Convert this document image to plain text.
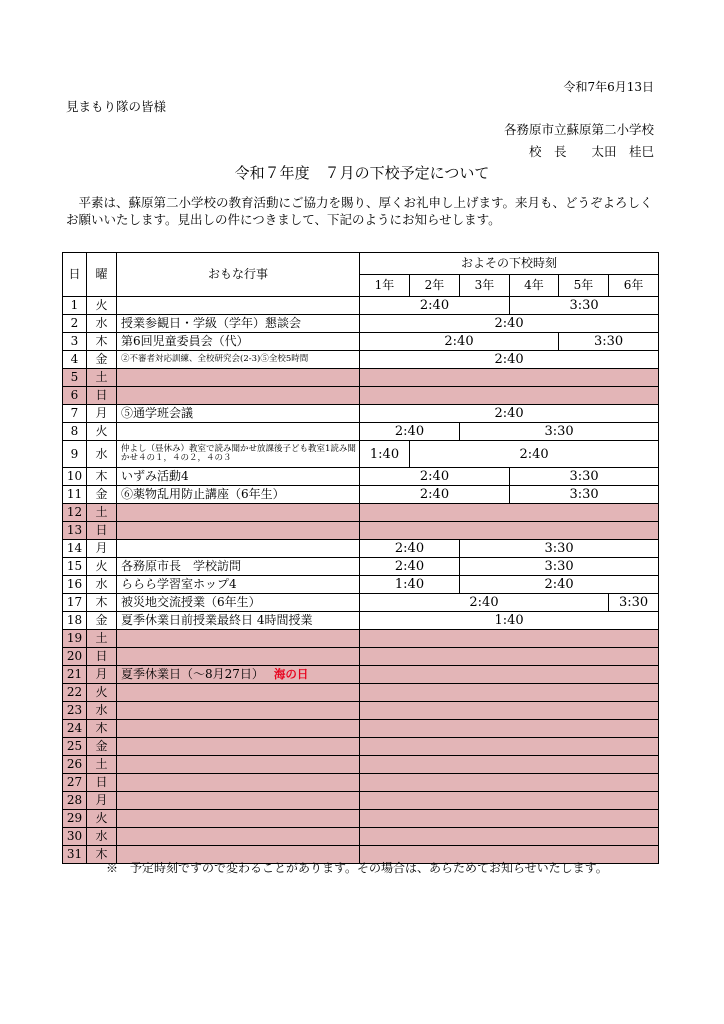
令和7年6月13日
見まもり隊の皆様
各務原市立蘇原第二小学校
校　長　　太田　桂巳
令和７年度　７月の下校予定について
平素は、蘇原第二小学校の教育活動にご協力を賜り、厚くお礼申し上げます。来月も、どうぞよろしくお願いいたします。見出しの件につきまして、下記のようにお知らせします。
日	曜	おもな行事	およその下校時刻					
			1年	2年	3年	4年	5年	6年
1	火		2:40			3:30		
2	水	授業参観日・学級（学年）懇談会	2:40					
3	木	第6回児童委員会（代）	2:40				3:30	
4	金	②不審者対応訓練、全校研究会(2-3)⑤全校5時間	2:40					
5	土							
6	日							
7	月	⑤通学班会議	2:40					
8	火		2:40		3:30			
9	水	仲よし（昼休み）教室で読み聞かせ放課後子ども教室1読み聞かせ４の１，４の２，４の３	1:40	2:40				
10	木	いずみ活動4	2:40			3:30		
11	金	⑥薬物乱用防止講座（6年生）	2:40			3:30		
12	土							
13	日							
14	月		2:40		3:30			
15	火	各務原市長　学校訪問	2:40		3:30			
16	水	ららら学習室ホップ4	1:40		2:40			
17	木	被災地交流授業（6年生）	2:40					3:30
18	金	夏季休業日前授業最終日 4時間授業	1:40					
19	土							
20	日							
21	月	夏季休業日（～8月27日） 海の日						
22	火							
23	水							
24	木							
25	金							
26	土							
27	日							
28	月							
29	火							
30	水							
31	木							
※　予定時刻ですので変わることがあります。その場合は、あらためてお知らせいたします。
